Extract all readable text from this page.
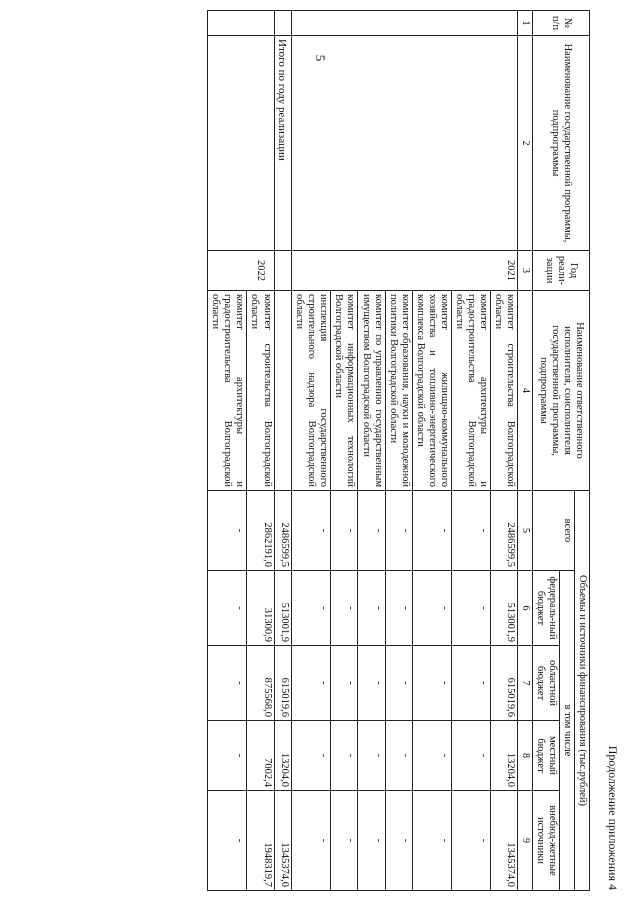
5
Продолжение приложения 4
№ п/п	Наименование государственной программы, подпрограммы	Год реали-зации	Наименование ответственного исполнителя, соисполнителя государственной программы, подпрограммы	Объемы и источники финансирования (тыс.рублей)				
				всего	в том числе			
					федераль-ный бюджет	областной бюджет	местный бюджет	внебюд-жетные источники
1	2	3	4	5	6	7	8	9
		2021	комитет строительства Волгоградской области	2486599,5	513001,9	615019,6	13204,0	1345374,0
			комитет архитектуры и градостроительства Волгоградской области	-	-	-	-	-
			комитет жилищно-коммунального хозяйства и топливно-энергетического комплекса Волгоградской области	-	-	-	-	-
			комитет образования, науки и молодежной политики Волгоградской области	-	-	-	-	-
			комитет по управлению государственным имуществом Волгоградской области	-	-	-	-	-
			комитет информационных технологий Волгоградской области	-	-	-	-	-
			инспекция государственного строительного надзора Волгоградской области	-	-	-	-	-
	Итого по году реализации			2486599,5	513001,9	615019,6	13204,0	1345374,0
		2022	комитет строительства Волгоградской области	2862191,0	31300,9	875568,0	7002,4	1948319,7
			комитет архитектуры и градостроительства Волгоградской области	-	-	-	-	-
